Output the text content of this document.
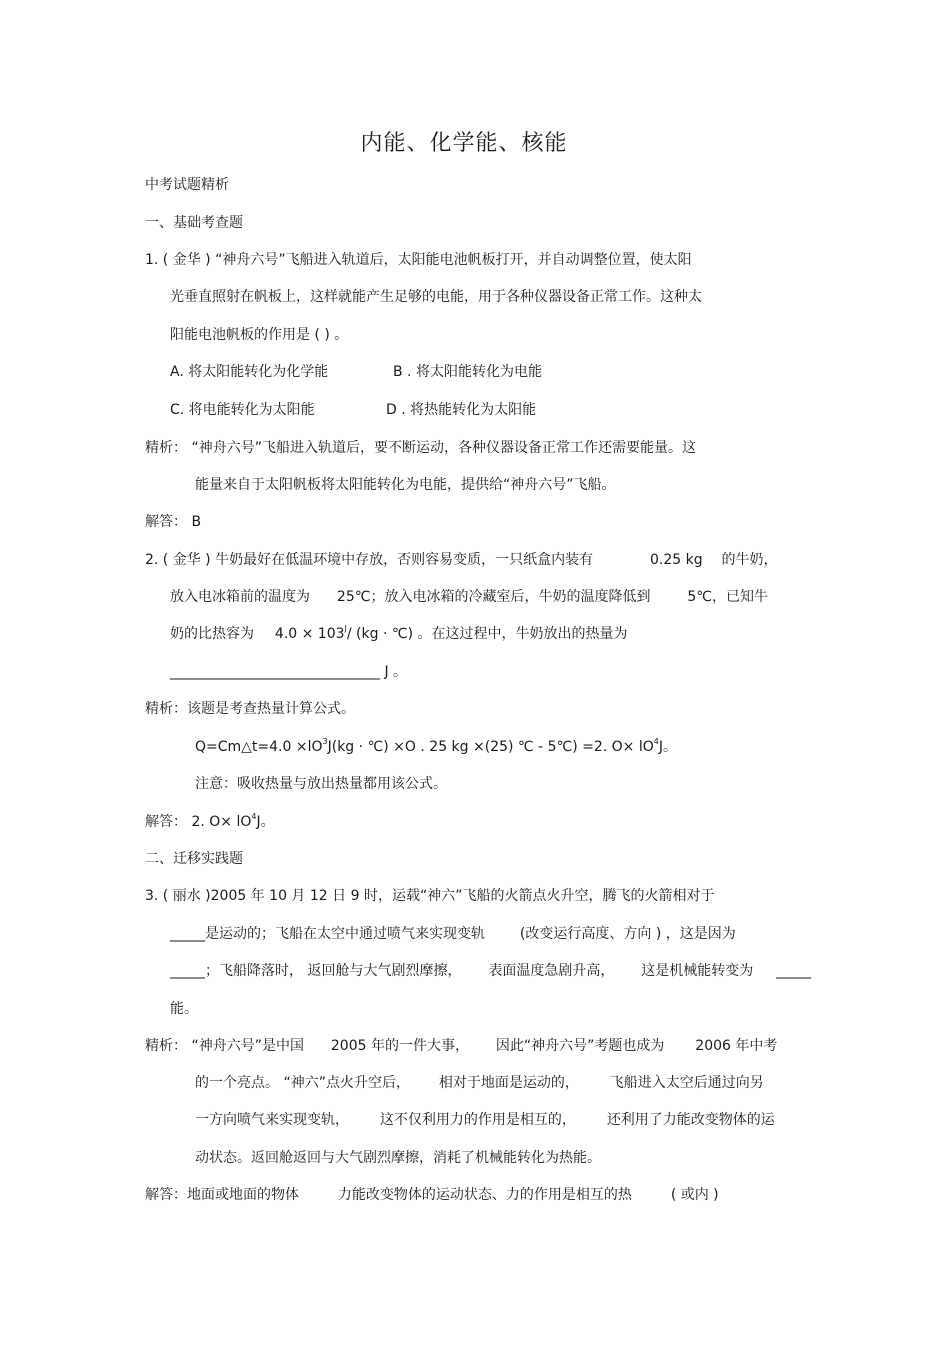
内能、化学能、核能
中考试题精析
一、基础考查题
1. ( 金华 ) “神舟六号”飞船进入轨道后，太阳能电池帆板打开，并自动调整位置，使太阳
光垂直照射在帆板上，这样就能产生足够的电能，用于各种仪器设备正常工作。这种太
阳能电池帆板的作用是 ( ) 。
A. 将太阳能转化为化学能	B . 将太阳能转化为电能
C. 将电能转化为太阳能	D . 将热能转化为太阳能
精析： “神舟六号”飞船进入轨道后，要不断运动，各种仪器设备正常工作还需要能量。这
能量来自于太阳帆板将太阳能转化为电能，提供给“神舟六号”飞船。
解答： B
2. ( 金华 ) 牛奶最好在低温环境中存放，否则容易变质，一只纸盒内装有	0.25 kg 的牛奶，
放入电冰箱前的温度为 25℃；放入电冰箱的冷藏室后，牛奶的温度降低到	5℃，已知牛
奶的比热容为 $4.0 \times 103^J/$ (kg · ℃) 。在这过程中，牛奶放出的热量为
______________________________ J 。
精析：该题是考查热量计算公式。
Q=Cm△t=4.0 $\times lO^3J(kg$ · ℃) ×O . 25 kg ×(25) ℃ - 5℃) =2. $O\times lO^4J$。
注意：吸收热量与放出热量都用该公式。
解答： 2. $O\times lO^4J$。
二、迁移实践题
3. ( 丽水 )2005 年 10 月 12 日 9 时，运载“神六”飞船的火箭点火升空，腾飞的火箭相对于
_____是运动的；飞船在太空中通过喷气来实现变轨 (改变运行高度、方向 ) ，这是因为
_____；飞船降落时， 返回舱与大气剧烈摩擦， 表面温度急剧升高， 这是机械能转变为 _____
能。
精析： “神舟六号”是中国 2005 年的一件大事， 因此“神舟六号”考题也成为 2006 年中考
的一个亮点。 “神六”点火升空后， 相对于地面是运动的， 飞船进入太空后通过向另
一方向喷气来实现变轨， 这不仅利用力的作用是相互的， 还利用了力能改变物体的运
动状态。返回舱返回与大气剧烈摩擦，消耗了机械能转化为热能。
解答：地面或地面的物体	力能改变物体的运动状态、力的作用是相互的热	( 或内 )
